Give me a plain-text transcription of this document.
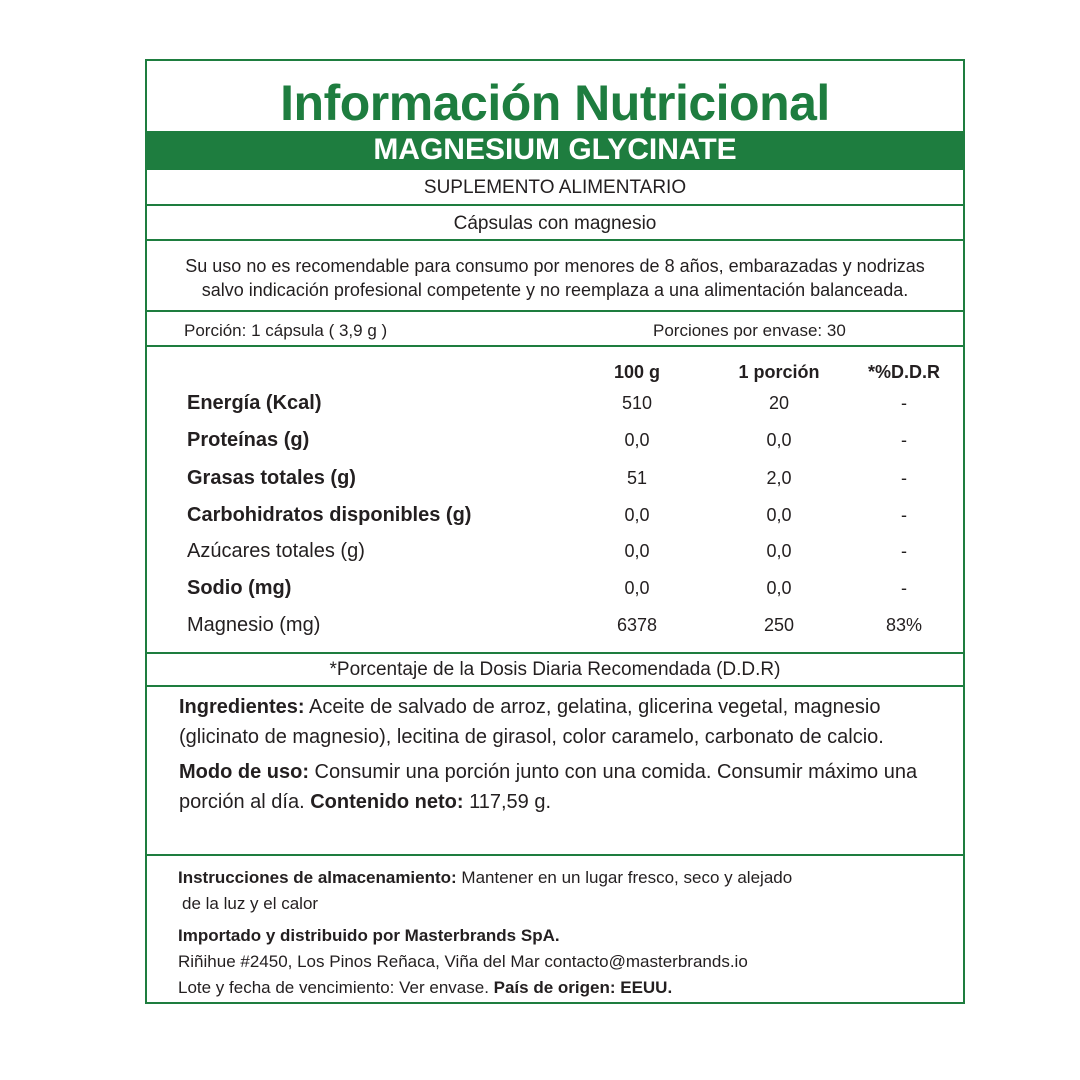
Información Nutricional
MAGNESIUM GLYCINATE
SUPLEMENTO ALIMENTARIO
Cápsulas con magnesio
Su uso no es recomendable para consumo por menores de 8 años, embarazadas y nodrizas
salvo indicación profesional competente y no reemplaza a una alimentación balanceada.
Porción: 1 cápsula ( 3,9 g )	Porciones por envase: 30
100 g	1 porción	*%D.D.R
Energía (Kcal)	510	20	-
Proteínas (g)	0,0	0,0	-
Grasas totales (g)	51	2,0	-
Carbohidratos disponibles (g)	0,0	0,0	-
Azúcares totales (g)	0,0	0,0	-
Sodio (mg)	0,0	0,0	-
Magnesio (mg)	6378	250	83%
*Porcentaje de la Dosis Diaria Recomendada (D.D.R)

Ingredientes: Aceite de salvado de arroz, gelatina, glicerina vegetal, magnesio (glicinato de magnesio), lecitina de girasol, color caramelo, carbonato de calcio.

Modo de uso: Consumir una porción junto con una comida. Consumir máximo una porción al día. Contenido neto: 117,59 g.

Instrucciones de almacenamiento: Mantener en un lugar fresco, seco y alejado

de la luz y el calor

Importado y distribuido por Masterbrands SpA.

Riñihue #2450, Los Pinos Reñaca, Viña del Mar contacto@masterbrands.io

Lote y fecha de vencimiento: Ver envase. País de origen: EEUU.
